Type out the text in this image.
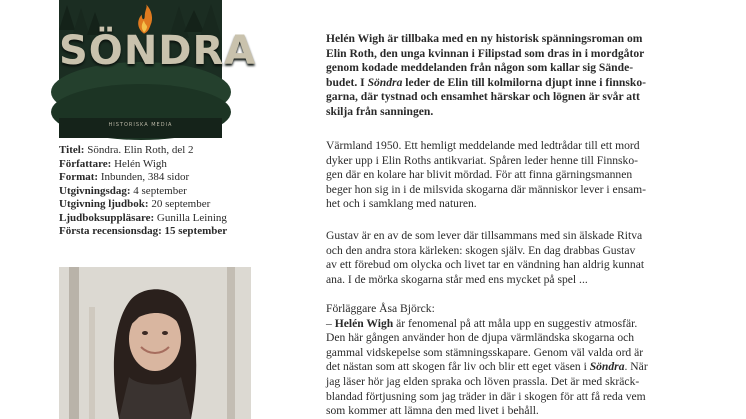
SÖNDRA
HISTORISKA MEDIA
Titel: Söndra. Elin Roth, del 2
Författare: Helén Wigh
Format: Inbunden, 384 sidor
Utgivningsdag: 4 september
Utgivning ljudbok: 20 september
Ljudboksuppläsare: Gunilla Leining
Första recensionsdag: 15 september
Helén Wigh är tillbaka med en ny historisk spänningsroman om
Elin Roth, den unga kvinnan i Filipstad som dras in i mordgåtor
genom kodade meddelanden från någon som kallar sig Sände-
budet. I Söndra leder de Elin till kolmilorna djupt inne i finnsko-
garna, där tystnad och ensamhet härskar och lögnen är svår att
skilja från sanningen.
Värmland 1950. Ett hemligt meddelande med ledtrådar till ett mord
dyker upp i Elin Roths antikvariat. Spåren leder henne till Finnsko-
gen där en kolare har blivit mördad. För att finna gärningsmannen
beger hon sig in i de milsvida skogarna där människor lever i ensam-
het och i samklang med naturen.
Gustav är en av de som lever där tillsammans med sin älskade Ritva
och den andra stora kärleken: skogen själv. En dag drabbas Gustav
av ett förebud om olycka och livet tar en vändning han aldrig kunnat
ana. I de mörka skogarna står med ens mycket på spel ...
Förläggare Åsa Björck:
– Helén Wigh är fenomenal på att måla upp en suggestiv atmosfär.
Den här gången använder hon de djupa värmländska skogarna och
gammal vidskepelse som stämningsskapare. Genom väl valda ord är
det nästan som att skogen får liv och blir ett eget väsen i Söndra. När
jag läser hör jag elden spraka och löven prassla. Det är med skräck-
blandad förtjusning som jag träder in där i skogen för att få reda vem
som kommer att lämna den med livet i behåll.
